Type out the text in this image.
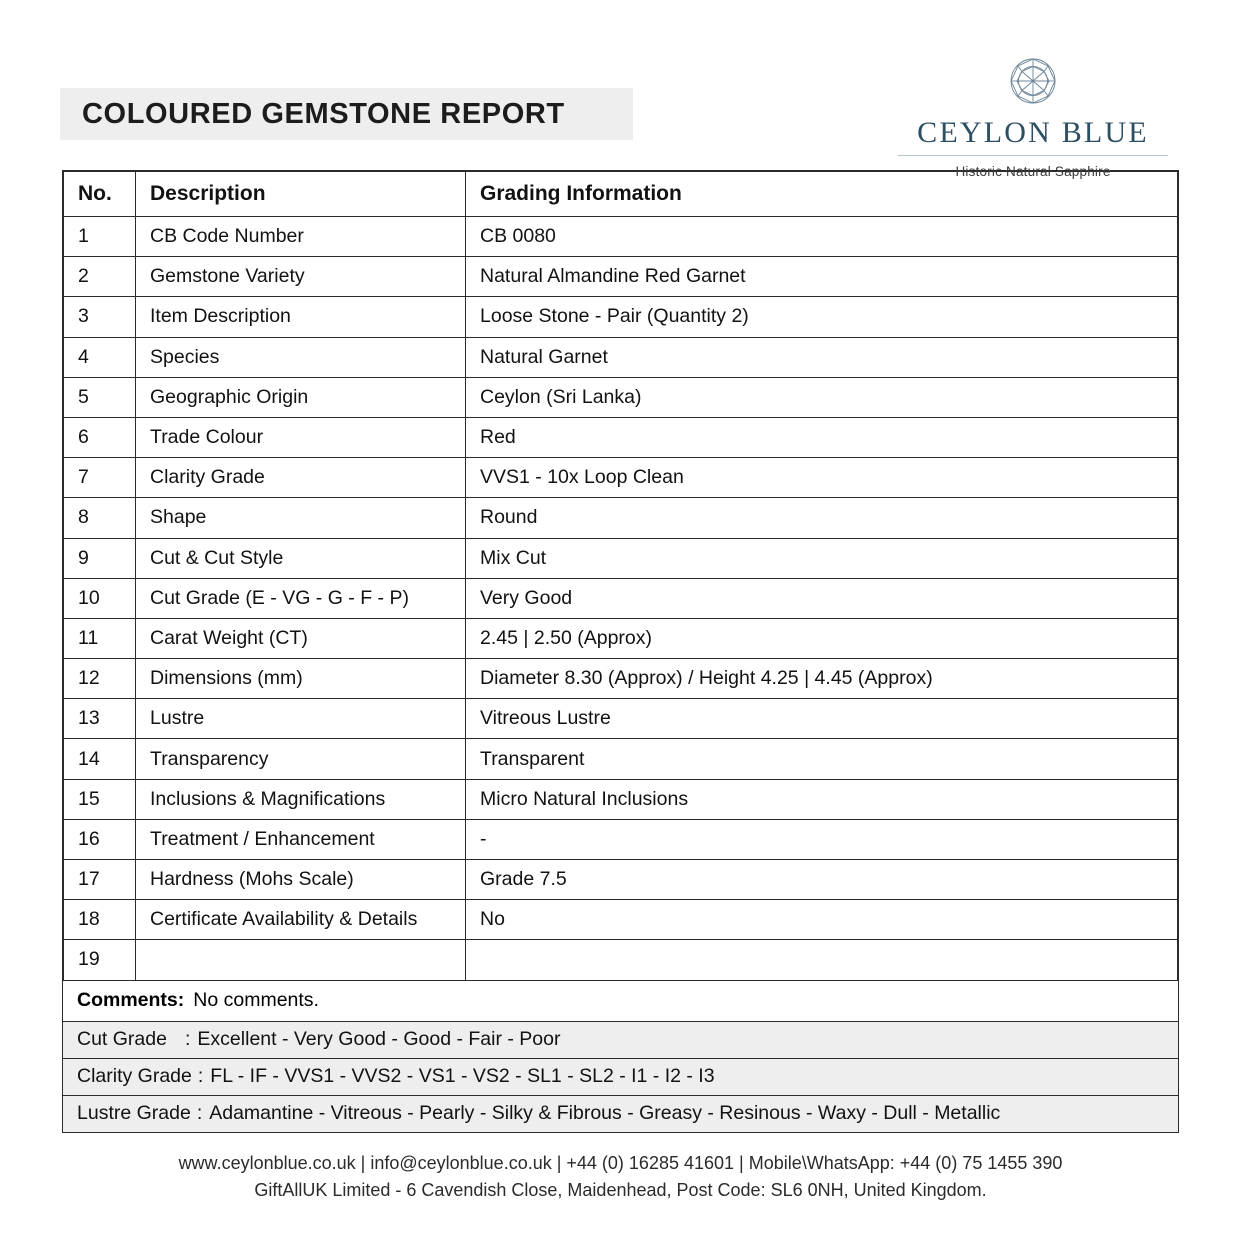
COLOURED GEMSTONE REPORT
CEYLON BLUE
Historic Natural Sapphire
No.	Description	Grading Information
1	CB Code Number	CB 0080
2	Gemstone Variety	Natural Almandine Red Garnet
3	Item Description	Loose Stone - Pair (Quantity 2)
4	Species	Natural Garnet
5	Geographic Origin	Ceylon (Sri Lanka)
6	Trade Colour	Red
7	Clarity Grade	VVS1 - 10x Loop Clean
8	Shape	Round
9	Cut & Cut Style	Mix Cut
10	Cut Grade (E - VG - G - F - P)	Very Good
11	Carat Weight (CT)	2.45 | 2.50 (Approx)
12	Dimensions (mm)	Diameter 8.30 (Approx) / Height 4.25 | 4.45 (Approx)
13	Lustre	Vitreous Lustre
14	Transparency	Transparent
15	Inclusions & Magnifications	Micro Natural Inclusions
16	Treatment / Enhancement	-
17	Hardness (Mohs Scale)	Grade 7.5
18	Certificate Availability & Details	No
19		
Comments: No comments.
Cut Grade : Excellent - Very Good - Good - Fair - Poor
Clarity Grade : FL - IF - VVS1 - VVS2 - VS1 - VS2 - SL1 - SL2 - I1 - I2 - I3
Lustre Grade : Adamantine - Vitreous - Pearly - Silky & Fibrous - Greasy - Resinous - Waxy - Dull - Metallic
www.ceylonblue.co.uk | info@ceylonblue.co.uk | +44 (0) 16285 41601 | Mobile\WhatsApp: +44 (0) 75 1455 390
GiftAllUK Limited - 6 Cavendish Close, Maidenhead, Post Code: SL6 0NH, United Kingdom.
